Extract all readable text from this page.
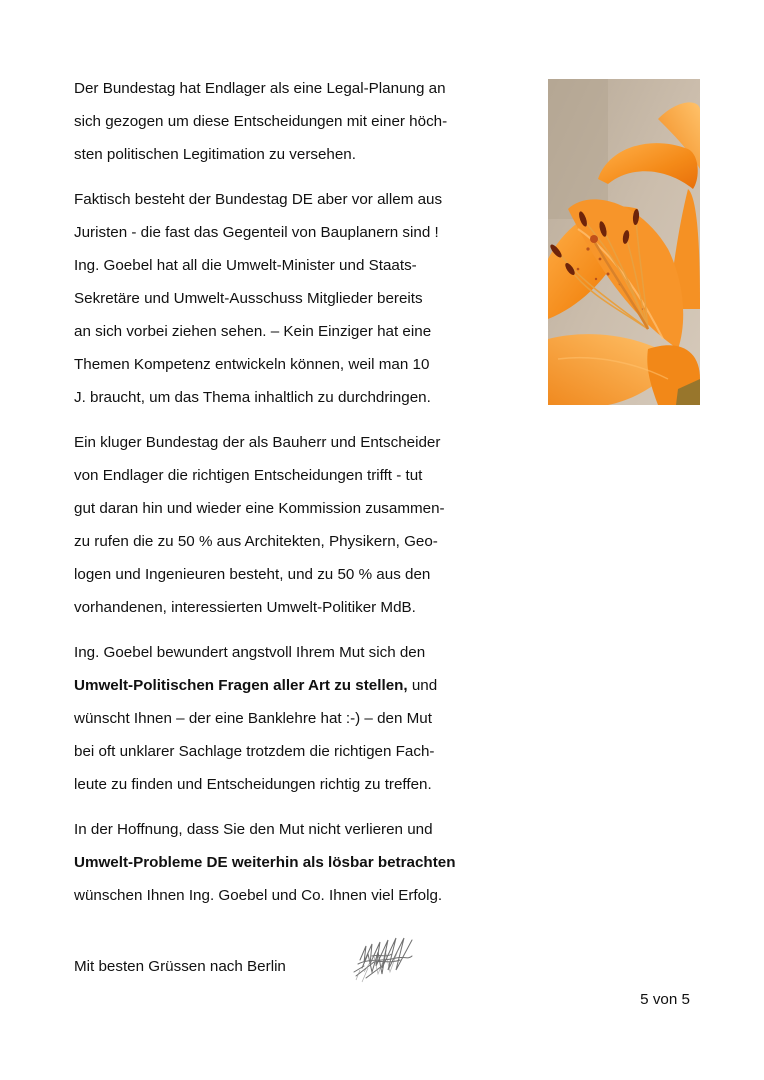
Der Bundestag hat Endlager als eine Legal-Planung an
sich gezogen um diese Entscheidungen mit einer höch-
sten politischen Legitimation zu versehen.
Faktisch besteht der Bundestag DE aber vor allem aus
Juristen - die fast das Gegenteil von Bauplanern sind !
Ing. Goebel hat all die Umwelt-Minister und Staats-
Sekretäre und Umwelt-Ausschuss Mitglieder bereits
an sich vorbei ziehen sehen. – Kein Einziger hat eine
Themen Kompetenz entwickeln können, weil man 10
J. braucht, um das Thema inhaltlich zu durchdringen.
Ein kluger Bundestag der als Bauherr und Entscheider
von Endlager die richtigen Entscheidungen trifft - tut
gut daran hin und wieder eine Kommission zusammen-
zu rufen die zu 50 % aus Architekten, Physikern, Geo-
logen und Ingenieuren besteht, und zu 50 % aus den
vorhandenen, interessierten Umwelt-Politiker MdB.
Ing. Goebel bewundert angstvoll Ihrem Mut sich den
Umwelt-Politischen Fragen aller Art zu stellen, und
wünscht Ihnen – der eine Banklehre hat :-) – den Mut
bei oft unklarer Sachlage trotzdem die richtigen Fach-
leute zu finden und Entscheidungen richtig zu treffen.
In der Hoffnung, dass Sie den Mut nicht verlieren und
Umwelt-Probleme DE weiterhin als lösbar betrachten
wünschen Ihnen Ing. Goebel und Co. Ihnen viel Erfolg.
Mit besten Grüssen nach Berlin
5 von 5
